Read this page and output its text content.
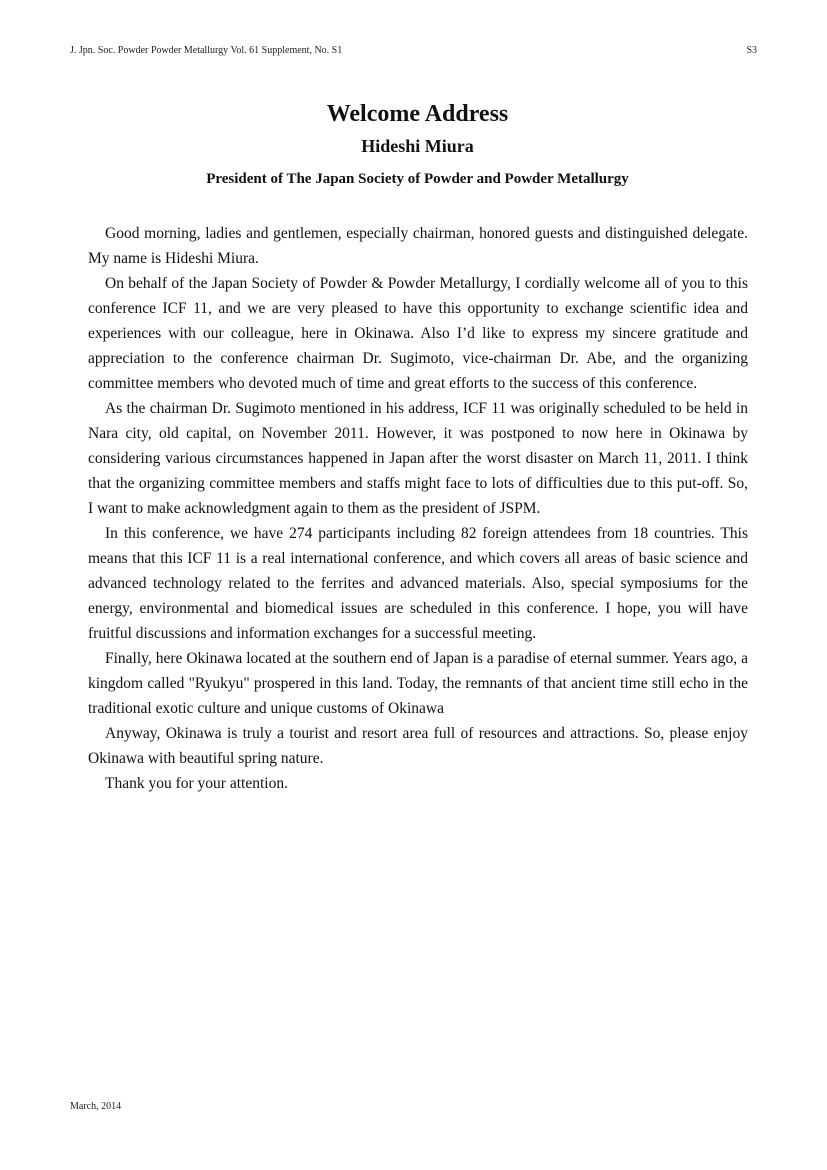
J. Jpn. Soc. Powder Powder Metallurgy Vol. 61 Supplement, No. S1	S3
Welcome Address
Hideshi Miura
President of The Japan Society of Powder and Powder Metallurgy

Good morning, ladies and gentlemen, especially chairman, honored guests and distinguished delegate. My name is Hideshi Miura.

On behalf of the Japan Society of Powder & Powder Metallurgy, I cordially welcome all of you to this conference ICF 11, and we are very pleased to have this opportunity to exchange scientific idea and experiences with our colleague, here in Okinawa. Also I’d like to express my sincere gratitude and appreciation to the conference chairman Dr. Sugimoto, vice-chairman Dr. Abe, and the organizing committee members who devoted much of time and great efforts to the success of this conference.

As the chairman Dr. Sugimoto mentioned in his address, ICF 11 was originally scheduled to be held in Nara city, old capital, on November 2011. However, it was postponed to now here in Okinawa by considering various circumstances happened in Japan after the worst disaster on March 11, 2011. I think that the organizing committee members and staffs might face to lots of difficulties due to this put-off. So, I want to make acknowledgment again to them as the president of JSPM.

In this conference, we have 274 participants including 82 foreign attendees from 18 countries. This means that this ICF 11 is a real international conference, and which covers all areas of basic science and advanced technology related to the ferrites and advanced materials. Also, special symposiums for the energy, environmental and biomedical issues are scheduled in this conference. I hope, you will have fruitful discussions and information exchanges for a successful meeting.

Finally, here Okinawa located at the southern end of Japan is a paradise of eternal summer. Years ago, a kingdom called "Ryukyu" prospered in this land. Today, the remnants of that ancient time still echo in the traditional exotic culture and unique customs of Okinawa

Anyway, Okinawa is truly a tourist and resort area full of resources and attractions. So, please enjoy Okinawa with beautiful spring nature.

Thank you for your attention.

March, 2014
